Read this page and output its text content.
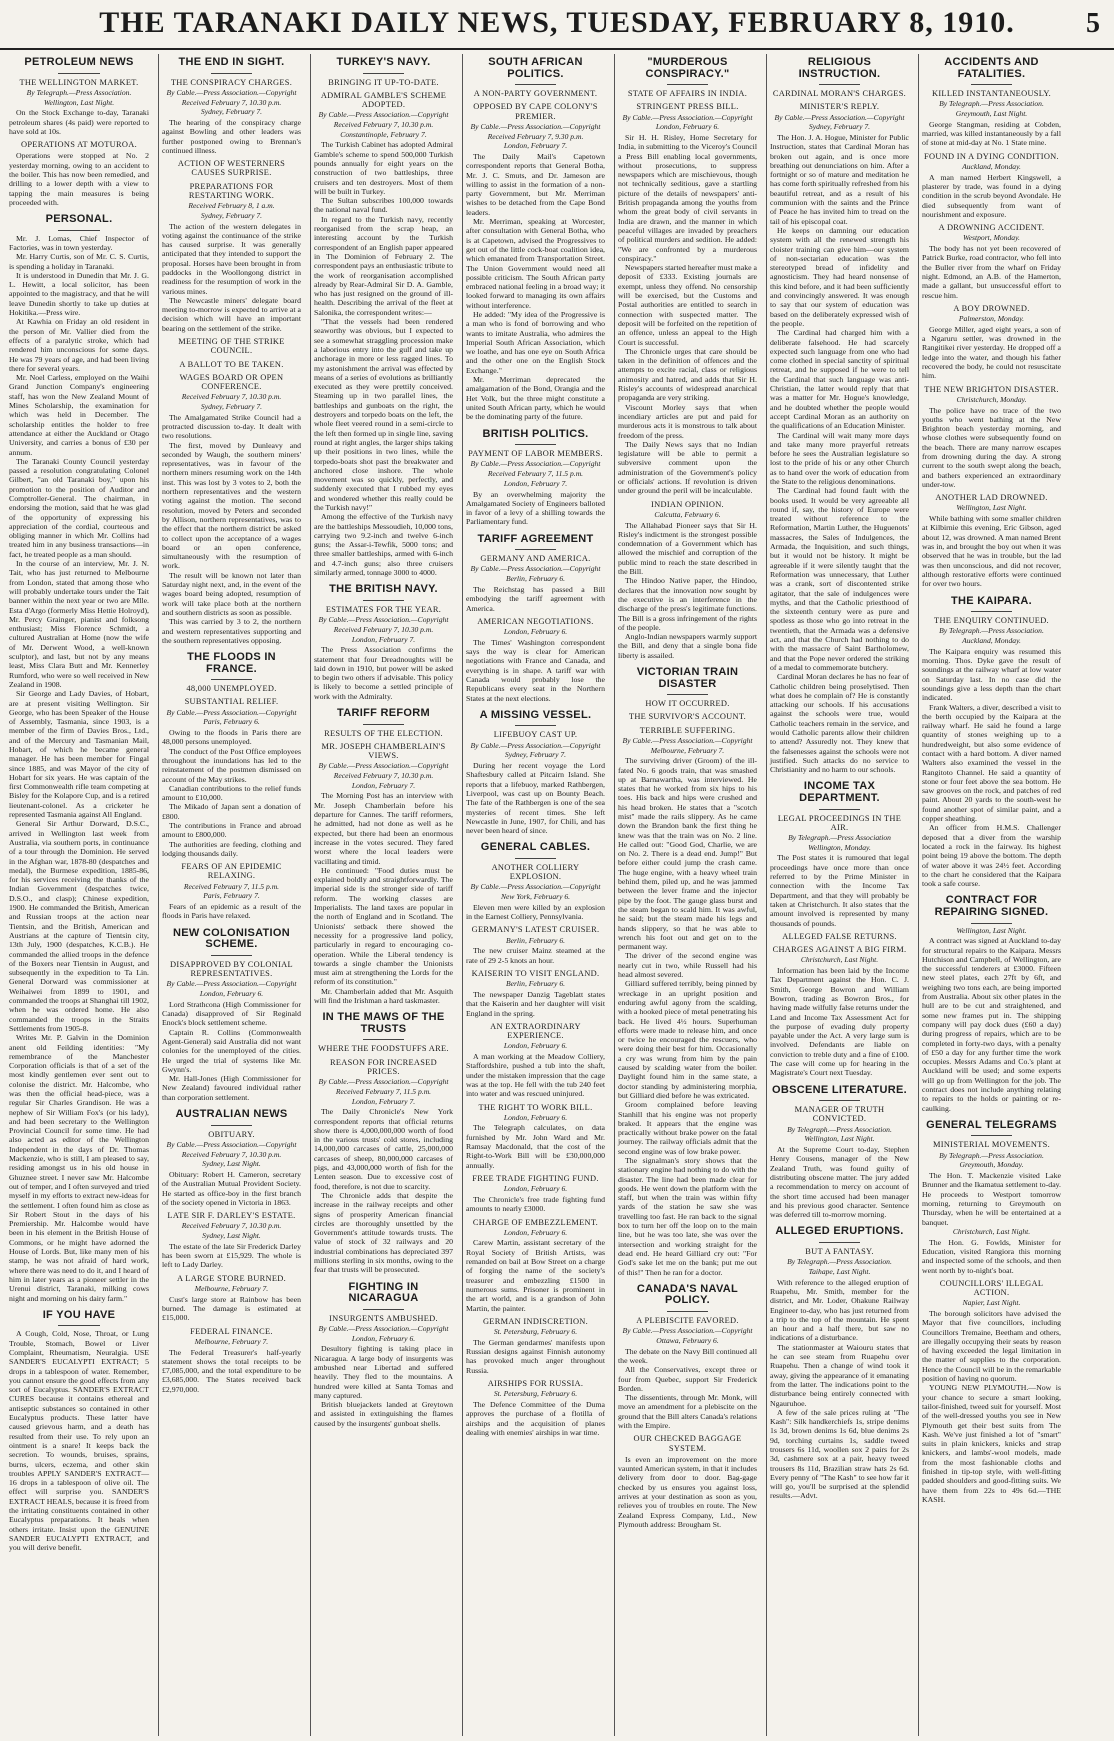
THE TARANAKI DAILY NEWS, TUESDAY, FEBRUARY 8, 1910.	5
PETROLEUM NEWS
THE WELLINGTON MARKET.
By Telegraph.—Press Association.
Wellington, Last Night.

On the Stock Exchange to-day, Taranaki petroleum shares (4s paid) were reported to have sold at 10s.

OPERATIONS AT MOTUROA.

Operations were stopped at No. 2 yesterday morning, owing to an accident to the boiler. This has now been remedied, and drilling to a lower depth with a view to tapping the main measures is being proceeded with.

PERSONAL.

Mr. J. Lomas, Chief Inspector of Factories, was in town yesterday.

Mr. Harry Curtis, son of Mr. C. S. Curtis, is spending a holiday in Taranaki.

It is understood in Dunedin that Mr. J. G. L. Hewitt, a local solicitor, has been appointed to the magistracy, and that he will leave Dunedin shortly to take up duties at Hokitika.—Press wire.

At Kawhia on Friday an old resident in the person of Mr. Vallier died from the effects of a paralytic stroke, which had rendered him unconscious for some days. He was 79 years of age, and had been living there for several years.

Mr. Noel Carless, employed on the Waihi Grand Junction Company's engineering staff, has won the New Zealand Mount of Mines Scholarship, the examination for which was held in December. The scholarship entitles the holder to free attendance at either the Auckland or Otago University, and carries a bonus of £30 per annum.

The Taranaki County Council yesterday passed a resolution congratulating Colonel Gilbert, "an old Taranaki boy," upon his promotion to the position of Auditor and Comptroller-General. The chairman, in endorsing the motion, said that he was glad of the opportunity of expressing his appreciation of the cordial, courteous and obliging manner in which Mr. Collins had treated him in any business transactions—in fact, he treated people as a man should.

In the course of an interview, Mr. J. N. Tait, who has just returned to Melbourne from London, stated that among those who will probably undertake tours under the Tait banner within the next year or two are Mlle. Esta d'Argo (formerly Miss Hettie Holroyd), Mr. Percy Grainger, pianist and folksong enthusiast; Miss Florence Schmidt, a cultured Australian at Home (now the wife of Mr. Derwent Wood, a well-known sculptor), and last, but not by any means least, Miss Clara Butt and Mr. Kennerley Rumford, who were so well received in New Zealand in 1908.

Sir George and Lady Davies, of Hobart, are at present visiting Wellington. Sir George, who has been Speaker of the House of Assembly, Tasmania, since 1903, is a member of the firm of Davies Bros., Ltd., and of the Mercury and Tasmanian Mail, Hobart, of which he became general manager. He has been member for Fingal since 1885, and was Mayor of the city of Hobart for six years. He was captain of the first Commonwealth rifle team competing at Bisley for the Kolapore Cup, and is a retired lieutenant-colonel. As a cricketer he represented Tasmania against All England.

General Sir Arthur Dorward, D.S.C., arrived in Wellington last week from Australia, via southern ports, in continuance of a tour through the Dominion. He served in the Afghan war, 1878-80 (despatches and medal), the Burmese expedition, 1885-86, for his services receiving the thanks of the Indian Government (despatches twice, D.S.O., and clasp); Chinese expedition, 1900. He commanded the British, American and Russian troops at the action near Tientsin, and the British, American and Austrians at the capture of Tientsin city, 13th July, 1900 (despatches, K.C.B.). He commanded the allied troops in the defence of the Boxers near Tientsin in August, and subsequently in the expedition to Ta Lin. General Dorward was commissioner at Weihaiwei from 1899 to 1901, and commanded the troops at Shanghai till 1902, when he was ordered home. He also commanded the troops in the Straits Settlements from 1905-8.

Writes Mr. P. Galvin in the Dominion anent old Feilding identities: "My remembrance of the Manchester Corporation officials is that of a set of the most kindly gentlemen ever sent out to colonise the district. Mr. Halcombe, who was then the official head-piece, was a regular Sir Charles Grandison. He was a nephew of Sir William Fox's (or his lady), and had been secretary to the Wellington Provincial Council for some time. He had also acted as editor of the Wellington Independent in the days of Dr. Thomas Mackenzie, who is still, I am pleased to say, residing amongst us in his old house in Ghuznee street. I never saw Mr. Halcombe out of temper, and I often surveyed and tried myself in my efforts to extract new-ideas for the settlement. I often found him as close as Sir Robert Stout in the days of his Premiership. Mr. Halcombe would have been in his element in the British House of Commons, or he might have adorned the House of Lords. But, like many men of his stamp, he was not afraid of hard work, where there was need to do it, and I heard of him in later years as a pioneer settler in the Urenui district, Taranaki, milking cows night and morning on his dairy farm."

IF YOU HAVE

A Cough, Cold, Nose, Throat, or Lung Trouble, Stomach, Bowel or Liver Complaint, Rheumatism, Neuralgia. USE SANDER'S EUCALYPTI EXTRACT; 5 drops in a tablespoon of water. Remember, you cannot ensure the good effects from any sort of Eucalyptus. SANDER'S EXTRACT CURES because it contains ethereal and antiseptic substances so contained in other Eucalyptus products. These latter have caused grievous harm, and a death has resulted from their use. To rely upon an ointment is a snare! It keeps back the secretion. To wounds, bruises, sprains, burns, ulcers, eczema, and other skin troubles APPLY SANDER'S EXTRACT—16 drops in a tablespoon of olive oil. The effect will surprise you. SANDER'S EXTRACT HEALS, because it is freed from the irritating constituents contained in other Eucalyptus preparations. It heals when others irritate. Insist upon the GENUINE SANDER EUCALYPTI EXTRACT, and you will derive benefit.

THE END IN SIGHT.
THE CONSPIRACY CHARGES.
By Cable.—Press Association.—Copyright
Received February 7, 10.30 p.m.
Sydney, February 7.

The hearing of the conspiracy charge against Bowling and other leaders was further postponed owing to Brennan's continued illness.

ACTION OF WESTERNERS CAUSES SURPRISE.
PREPARATIONS FOR RESTARTING WORK.
Received February 8, 1 a.m.
Sydney, February 7.

The action of the western delegates in voting against the continuance of the strike has caused surprise. It was generally anticipated that they intended to support the proposal. Horses have been brought in from paddocks in the Woollongong district in readiness for the resumption of work in the various mines.

The Newcastle miners' delegate board meeting to-morrow is expected to arrive at a decision which will have an important bearing on the settlement of the strike.

MEETING OF THE STRIKE COUNCIL.
A BALLOT TO BE TAKEN.
WAGES BOARD OR OPEN CONFERENCE.
Received February 7, 10.30 p.m.
Sydney, February 7.

The Amalgamated Strike Council had a protracted discussion to-day. It dealt with two resolutions.

The first, moved by Dunleavy and seconded by Waugh, the southern miners' representatives, was in favour of the northern miners resuming work on the 14th inst. This was lost by 3 votes to 2, both the northern representatives and the western voting against the motion. The second resolution, moved by Peters and seconded by Allison, northern representatives, was to the effect that the northern district be asked to collect upon the acceptance of a wages board or an open conference, simultaneously with the resumption of work.

The result will be known not later than Saturday night next, and, in the event of the wages board being adopted, resumption of work will take place both at the northern and southern districts as soon as possible.

This was carried by 3 to 2, the northern and western representatives supporting and the southern representatives opposing.

THE FLOODS IN FRANCE.
48,000 UNEMPLOYED.
SUBSTANTIAL RELIEF.
By Cable.—Press Association.—Copyright
Paris, February 6.

Owing to the floods in Paris there are 48,000 persons unemployed.

The conduct of the Post Office employees throughout the inundations has led to the reinstatement of the postmen dismissed on account of the May strikes.

Canadian contributions to the relief funds amount to £10,000.

The Mikado of Japan sent a donation of £800.

The contributions in France and abroad amount to £800,000.

The authorities are feeding, clothing and lodging thousands daily.

FEARS OF AN EPIDEMIC RELAXING.
Received February 7, 11.5 p.m.
Paris, February 7.

Fears of an epidemic as a result of the floods in Paris have relaxed.

NEW COLONISATION SCHEME.
DISAPPROVED BY COLONIAL REPRESENTATIVES.
By Cable.—Press Association.—Copyright
London, February 6.

Lord Strathcona (High Commissioner for Canada) disapproved of Sir Reginald Enock's block settlement scheme.

Captain R. Collins (Commonwealth Agent-General) said Australia did not want colonies for the unemployed of the cities. He urged the trial of systems like Mr. Gwynn's.

Mr. Hall-Jones (High Commissioner for New Zealand) favoured individual rather than corporation settlement.

AUSTRALIAN NEWS
OBITUARY.
By Cable.—Press Association.—Copyright
Received February 7, 10.30 p.m.
Sydney, Last Night.

Obituary: Robert H. Cameron, secretary of the Australian Mutual Provident Society. He started as office-boy in the first branch of the society opened in Victoria in 1863.

LATE SIR F. DARLEY'S ESTATE.
Received February 7, 10.30 p.m.
Sydney, Last Night.

The estate of the late Sir Frederick Darley has been sworn at £15,929. The whole is left to Lady Darley.

A LARGE STORE BURNED.
Melbourne, February 7.

Cust's large store at Rainbow has been burned. The damage is estimated at £15,000.

FEDERAL FINANCE.
Melbourne, February 7.

The Federal Treasurer's half-yearly statement shows the total receipts to be £7,085,000, and the total expenditure to be £3,685,000. The States received back £2,970,000.

TURKEY'S NAVY.
BRINGING IT UP-TO-DATE.
ADMIRAL GAMBLE'S SCHEME ADOPTED.
By Cable.—Press Association.—Copyright
Received February 7, 10.30 p.m.
Constantinople, February 7.

The Turkish Cabinet has adopted Admiral Gamble's scheme to spend 500,000 Turkish pounds annually for eight years on the construction of two battleships, three cruisers and ten destroyers. Most of them will be built in Turkey.

The Sultan subscribes 100,000 towards the national naval fund.

In regard to the Turkish navy, recently reorganised from the scrap heap, an interesting account by the Turkish correspondent of an English paper appeared in The Dominion of February 2. The correspondent pays an enthusiastic tribute to the work of reorganisation accomplished already by Rear-Admiral Sir D. A. Gamble, who has just resigned on the ground of ill-health. Describing the arrival of the fleet at Salonika, the correspondent writes:—

"That the vessels had been rendered seaworthy was obvious, but I expected to see a somewhat straggling procession make a laborious entry into the gulf and take up anchorage in more or less ragged lines. To my astonishment the arrival was effected by means of a series of evolutions as brilliantly executed as they were prettily conceived. Steaming up in two parallel lines, the battleships and gunboats on the right, the destroyers and torpedo boats on the left, the whole fleet veered round in a semi-circle to the left then formed up in single line, saving round at right angles, the larger ships taking up their positions in two lines, while the torpedo-boats shot past the breakwater and anchored close inshore. The whole movement was so quickly, perfectly, and suddenly executed that I rubbed my eyes and wondered whether this really could be the Turkish navy!"

Among the effective of the Turkish navy are the battleships Messoudieh, 10,000 tons, carrying two 9.2-inch and twelve 6-inch guns; the Assar-i-Tewfik, 5000 tons; and three smaller battleships, armed with 6-inch and 4.7-inch guns; also three cruisers similarly armed, tonnage 3000 to 4000.

THE BRITISH NAVY.
ESTIMATES FOR THE YEAR.
By Cable.—Press Association.—Copyright
Received February 7, 10.30 p.m.
London, February 7.

The Press Association confirms the statement that four Dreadnoughts will be laid down in 1910, but power will be asked to begin two others if advisable. This policy is likely to become a settled principle of work with the Admiralty.

TARIFF REFORM
RESULTS OF THE ELECTION.
MR. JOSEPH CHAMBERLAIN'S VIEWS.
By Cable.—Press Association.—Copyright
Received February 7, 10.30 p.m.
London, February 7.

The Morning Post has an interview with Mr. Joseph Chamberlain before his departure for Cannes. The tariff reformers, he admitted, had not done as well as he expected, but there had been an enormous increase in the votes secured. They fared worst where the local leaders were vacillating and timid.

He continued: "Food duties must be explained boldly and straightforwardly. The imperial side is the stronger side of tariff reform. The working classes are Imperialists. The land taxes are popular in the north of England and in Scotland. The Unionists' setback there showed the necessity for a progressive land policy, particularly in regard to encouraging co-operation. While the Liberal tendency is towards a single chamber the Unionists must aim at strengthening the Lords for the reform of its constitution."

Mr. Chamberlain added that Mr. Asquith will find the Irishman a hard taskmaster.

IN THE MAWS OF THE TRUSTS
WHERE THE FOODSTUFFS ARE.
REASON FOR INCREASED PRICES.
By Cable.—Press Association.—Copyright
Received February 7, 11.5 p.m.
London, February 7.

The Daily Chronicle's New York correspondent reports that official returns show there is 4,000,000,000 worth of food in the various trusts' cold stores, including 14,000,000 carcases of cattle, 25,000,000 carcases of sheep, 80,000,000 carcases of pigs, and 43,000,000 worth of fish for the Lenten season. Due to excessive cost of food, therefore, is not due to scarcity.

The Chronicle adds that despite the increase in the railway receipts and other signs of prosperity American financial circles are thoroughly unsettled by the Government's attitude towards trusts. The value of stock of 32 railways and 20 industrial combinations has depreciated 397 millions sterling in six months, owing to the fear that trusts will be prosecuted.

FIGHTING IN NICARAGUA
INSURGENTS AMBUSHED.
By Cable.—Press Association.—Copyright
London, February 6.

Desultory fighting is taking place in Nicaragua. A large body of insurgents was ambushed near Libertad and suffered heavily. They fled to the mountains. A hundred were killed at Santa Tomas and many captured.

British bluejackets landed at Greytown and assisted in extinguishing the flames caused by the insurgents' gunboat shells.

SOUTH AFRICAN POLITICS.
A NON-PARTY GOVERNMENT.
OPPOSED BY CAPE COLONY'S PREMIER.
By Cable.—Press Association.—Copyright
Received February 7, 9.30 p.m.
London, February 7.

The Daily Mail's Capetown correspondent reports that General Botha, Mr. J. C. Smuts, and Dr. Jameson are willing to assist in the formation of a non-party Government, but Mr. Merriman wishes to be detached from the Cape Bond leaders.

Mr. Merriman, speaking at Worcester, after consultation with General Botha, who is at Capetown, advised the Progressives to get out of the little cock-boat coalition idea, which emanated from Transportation Street. The Union Government would need all possible criticism. The South African party embraced national feeling in a broad way; it looked forward to managing its own affairs without interference.

He added: "My idea of the Progressive is a man who is fond of borrowing and who wants to imitate Australia, who admires the Imperial South African Association, which we loathe, and has one eye on South Africa and the other one on the English Stock Exchange."

Mr. Merriman deprecated the amalgamation of the Bond, Orangia and the Het Volk, but the three might constitute a united South African party, which he would be the dominating party of the future.

BRITISH POLITICS.
PAYMENT OF LABOR MEMBERS.
By Cable.—Press Association.—Copyright
Received February 7, 11.5 p.m.
London, February 7.

By an overwhelming majority the Amalgamated Society of Engineers balloted in favor of a levy of a shilling towards the Parliamentary fund.

TARIFF AGREEMENT
GERMANY AND AMERICA.
By Cable.—Press Association.—Copyright
Berlin, February 6.

The Reichstag has passed a Bill embodying the tariff agreement with America.

AMERICAN NEGOTIATIONS.
London, February 6.

The Times' Washington correspondent says the way is clear for American negotiations with France and Canada, and everything is in shape. A tariff war with Canada would probably lose the Republicans every seat in the Northern States at the next elections.

A MISSING VESSEL.
LIFEBUOY CAST UP.
By Cable.—Press Association.—Copyright
Sydney, February 7.

During her recent voyage the Lord Shaftesbury called at Pitcairn Island. She reports that a lifebuoy, marked Rathbergen, Liverpool, was cast up on Bounty Beach. The fate of the Rathbergen is one of the sea mysteries of recent times. She left Newcastle in June, 1907, for Chili, and has never been heard of since.

GENERAL CABLES.
ANOTHER COLLIERY EXPLOSION.
By Cable.—Press Association.—Copyright
New York, February 6.

Eleven men were killed by an explosion in the Earnest Colliery, Pennsylvania.

GERMANY'S LATEST CRUISER.
Berlin, February 6.

The new cruiser Mainz steamed at the rate of 29 2-5 knots an hour.

KAISERIN TO VISIT ENGLAND.
Berlin, February 6.

The newspaper Danzig Tageblatt states that the Kaiserin and her daughter will visit England in the spring.

AN EXTRAORDINARY EXPERIENCE.
London, February 6.

A man working at the Meadow Colliery, Staffordshire, pushed a tub into the shaft, under the mistaken impression that the cage was at the top. He fell with the tub 240 feet into water and was rescued uninjured.

THE RIGHT TO WORK BILL.
London, February 6.

The Telegraph calculates, on data furnished by Mr. John Ward and Mr. Ramsay Macdonald, that the cost of the Right-to-Work Bill will be £30,000,000 annually.

FREE TRADE FIGHTING FUND.
London, February 6.

The Chronicle's free trade fighting fund amounts to nearly £3000.

CHARGE OF EMBEZZLEMENT.
London, February 6.

Carew Martin, assistant secretary of the Royal Society of British Artists, was remanded on bail at Bow Street on a charge of forging the name of the society's treasurer and embezzling £1500 in numerous sums. Prisoner is prominent in the art world, and is a grandson of John Martin, the painter.

GERMAN INDISCRETION.
St. Petersburg, February 6.

The German gendarmes' manifests upon Russian designs against Finnish autonomy has provoked much anger throughout Russia.

AIRSHIPS FOR RUSSIA.
St. Petersburg, February 6.

The Defence Committee of the Duma approves the purchase of a flotilla of airships and the acquisition of planes dealing with enemies' airships in war time.

"MURDEROUS CONSPIRACY."
STATE OF AFFAIRS IN INDIA.
STRINGENT PRESS BILL.
By Cable.—Press Association.—Copyright
London, February 6.

Sir H. H. Risley, Home Secretary for India, in submitting to the Viceroy's Council a Press Bill enabling local governments, without prosecutions, to suppress newspapers which are mischievous, though not technically seditious, gave a startling picture of the details of newspapers' anti-British propaganda among the youths from whom the great body of civil servants in India are drawn, and the manner in which peaceful villages are invaded by preachers of political murders and sedition. He added: "We are confronted by a murderous conspiracy."

Newspapers started hereafter must make a deposit of £333. Existing journals are exempt, unless they offend. No censorship will be exercised, but the Customs and Postal authorities are entitled to search in connection with suspected matter. The deposit will be forfeited on the repetition of an offence, unless an appeal to the High Court is successful.

The Chronicle urges that care should be taken in the definition of offences and the attempts to excite racial, class or religious animosity and hatred, and adds that Sir H. Risley's accounts of widespread anarchical propaganda are very striking.

Viscount Morley says that when incendiary articles are put and paid for murderous acts it is monstrous to talk about freedom of the press.

The Daily News says that no Indian legislature will be able to permit a subversive comment upon the administration of the Government's policy or officials' actions. If revolution is driven under ground the peril will be incalculable.

INDIAN OPINION.
Calcutta, February 6.

The Allahabad Pioneer says that Sir H. Risley's indictment is the strongest possible condemnation of a Government which has allowed the mischief and corruption of the public mind to reach the state described in the Bill.

The Hindoo Native paper, the Hindoo, declares that the innovation now sought by the executive is an interference in the discharge of the press's legitimate functions. The Bill is a gross infringement of the rights of the people.

Anglo-Indian newspapers warmly support the Bill, and deny that a single bona fide liberty is assailed.

VICTORIAN TRAIN DISASTER
HOW IT OCCURRED.
THE SURVIVOR'S ACCOUNT.
TERRIBLE SUFFERING.
By Cable.—Press Association.—Copyright
Melbourne, February 7.

The surviving driver (Groom) of the ill-fated No. 6 goods train, that was smashed up at Barnawartha, was interviewed. He states that he worked from six hips to his toes. His back and hips were crushed and his head broken. He states that a "scotch mist" made the rails slippery. As he came down the Brandon bank the first thing he knew was that the train was on No. 2 line. He called out: "Good God, Charlie, we are on No. 2. There is a dead end. Jump!" But before either could jump the crash came. The huge engine, with a heavy wheel train behind them, piled up, and he was jammed between the lever frame and the injector pipe by the foot. The gauge glass burst and the steam began to scald him. It was awful, he said; but the steam made his legs and hands slippery, so that he was able to wrench his foot out and get on to the permanent way.

The driver of the second engine was nearly cut in two, while Russell had his head almost severed.

Gilliard suffered terribly, being pinned by wreckage in an upright position and enduring awful agony from the scalding, with a hooked piece of metal penetrating his back. He lived 4½ hours. Superhuman efforts were made to release him, and once or twice he encouraged the rescuers, who were doing their best for him. Occasionally a cry was wrung from him by the pain caused by scalding water from the boiler. Daylight found him in the same state, a doctor standing by administering morphia, but Gilliard died before he was extricated.

Groom complained before leaving Stanhill that his engine was not properly braked. It appears that the engine was practically without brake power on the fatal journey. The railway officials admit that the second engine was of low brake power.

The signalman's story shows that the stationary engine had nothing to do with the disaster. The line had been made clear for goods. He went down the platform with the staff, but when the train was within fifty yards of the station he saw she was travelling too fast. He ran back to the signal box to turn her off the loop on to the main line, but he was too late, she was over the intersection and working straight for the dead end. He heard Gilliard cry out: "For God's sake let me on the bank; put me out of this!" Then he ran for a doctor.

CANADA'S NAVAL POLICY.
A PLEBISCITE FAVORED.
By Cable.—Press Association.—Copyright
Ottawa, February 6.

The debate on the Navy Bill continued all the week.

All the Conservatives, except three or four from Quebec, support Sir Frederick Borden.

The dissentients, through Mr. Monk, will move an amendment for a plebiscite on the ground that the Bill alters Canada's relations with the Empire.

OUR CHECKED BAGGAGE SYSTEM.

Is even an improvement on the more vaunted American system, in that it includes delivery from door to door. Bag-gage checked by us ensures you against loss, arrives at your destination as soon as you, relieves you of troubles en route. The New Zealand Express Company, Ltd., New Plymouth address: Brougham St.

RELIGIOUS INSTRUCTION.
CARDINAL MORAN'S CHARGES.
MINISTER'S REPLY.
By Cable.—Press Association.—Copyright
Sydney, February 7.

The Hon. J. A. Hogue, Minister for Public Instruction, states that Cardinal Moran has broken out again, and is once more breathing out denunciations on him. After a fortnight or so of mature and meditation he has come forth spiritually refreshed from his beautiful retreat, and as a result of his communion with the saints and the Prince of Peace he has invited him to tread on the tail of his episcopal coat.

He keeps on damning our education system with all the renewed strength his cloister training can give him—our system of non-sectarian education was the stereotyped bread of infidelity and agnosticism. They had heard nonsense of this kind before, and it had been sufficiently and convincingly answered. It was enough to say that our system of education was based on the deliberately expressed wish of the people.

The Cardinal had charged him with a deliberate falsehood. He had scarcely expected such language from one who had come clothed in special sanctity of spiritual retreat, and he supposed if he were to tell the Cardinal that such language was anti-Christian, the latter would reply that that was a matter for Mr. Hogue's knowledge, and he doubted whether the people would accept Cardinal Moran as an authority on the qualifications of an Education Minister.

The Cardinal will wait many more days and take many more prayerful retreats before he sees the Australian legislature so lost to the pride of his or any other Church as to hand over the work of education from the State to the religious denominations.

The Cardinal had found fault with the books used. It would be very agreeable all round if, say, the history of Europe were treated without reference to the Reformation, Martin Luther, the Huguenots' massacres, the Sales of Indulgences, the Armada, the Inquisition, and such things, but it would not be history. It might be agreeable if it were silently taught that the Reformation was unnecessary, that Luther was a crank, sort of discontented strike agitator, that the sale of indulgences were myths, and that the Catholic priesthood of the sixteenth century were as pure and spotless as those who go into retreat in the twentieth, that the Armada was a defensive act, and that the Church had nothing to do with the massacre of Saint Bartholomew, and that the Pope never ordered the striking of a medal to commemorate butchery.

Cardinal Moran declares he has no fear of Catholic children being proselytised. Then what does he complain of? He is constantly attacking our schools. If his accusations against the schools were true, would Catholic teachers remain in the service, and would Catholic parents allow their children to attend? Assuredly not. They knew that the falsenesses against the schools were not justified. Such attacks do no service to Christianity and no harm to our schools.

INCOME TAX DEPARTMENT.
LEGAL PROCEEDINGS IN THE AIR.
By Telegraph.—Press Association
Wellington, Monday.

The Post states it is rumoured that legal proceedings have once more than once referred to by the Prime Minister in connection with the Income Tax Department, and that they will probably be taken at Christchurch. It also states that the amount involved is represented by many thousands of pounds.

ALLEGED FALSE RETURNS.
CHARGES AGAINST A BIG FIRM.
Christchurch, Last Night.

Information has been laid by the Income Tax Department against the Hon. C. J. Smith, George Bowron and William Bowron, trading as Bowron Bros., for having made wilfully false returns under the Land and Income Tax Assessment Act for the purpose of evading duly property payable under the Act. A very large sum is involved. Defendants are liable on conviction to treble duty and a fine of £100. The case will come up for hearing in the Magistrate's Court next Tuesday.

OBSCENE LITERATURE.
MANAGER OF TRUTH CONVICTED.
By Telegraph.—Press Association.
Wellington, Last Night.

At the Supreme Court to-day, Stephen Henry Cousens, manager of the New Zealand Truth, was found guilty of distributing obscene matter. The jury added a recommendation to mercy on account of the short time accused had been manager and his previous good character. Sentence was deferred till to-morrow morning.

ALLEGED ERUPTIONS.
BUT A FANTASY.
By Telegraph.—Press Association.
Taihape, Last Night.

With reference to the alleged eruption of Ruapehu, Mr. Smith, member for the district, and Mr. Loder, Ohakune Railway Engineer to-day, who has just returned from a trip to the top of the mountain. He spent an hour and a half there, but saw no indications of a disturbance.

The stationmaster at Waiouru states that he can see steam from Ruapehu over Ruapehu. Then a change of wind took it away, giving the appearance of it emanating from the latter. The indications point to the disturbance being entirely connected with Ngauruhoe.

A few of the sale prices ruling at "The Kash": Silk handkerchiefs 1s, stripe denims 1s 3d, brown denims 1s 6d, blue denims 2s 9d, torching curtains 1s, saddle tweed trousers 6s 11d, woollen sox 2 pairs for 2s 3d, cashmere sox at a pair, heavy tweed trousers 8s 11d, Brazilian straw hats 2s 6d. Every penny of "The Kash" to see how far it will go, you'll be surprised at the splendid results.—Advt.

ACCIDENTS AND FATALITIES.
KILLED INSTANTANEOUSLY.
By Telegraph.—Press Association.
Greymouth, Last Night.

George Stangman, residing at Cobden, married, was killed instantaneously by a fall of stone at mid-day at No. 1 State mine.

FOUND IN A DYING CONDITION.
Auckland, Monday.

A man named Herbert Kingswell, a plasterer by trade, was found in a dying condition in the scrub beyond Avondale. He died subsequently from want of nourishment and exposure.

A DROWNING ACCIDENT.
Westport, Monday.

The body has not yet been recovered of Patrick Burke, road contractor, who fell into the Buller river from the wharf on Friday night. Edmond, an A.B. of the Hamerton, made a gallant, but unsuccessful effort to rescue him.

A BOY DROWNED.
Palmerston, Monday.

George Miller, aged eight years, a son of a Ngaruru settler, was drowned in the Rangitikei river yesterday. He dropped off a ledge into the water, and though his father recovered the body, he could not resuscitate him.

THE NEW BRIGHTON DISASTER.
Christchurch, Monday.

The police have no trace of the two youths who went bathing at the New Brighton beach yesterday morning, and whose clothes were subsequently found on the beach. There are many narrow escapes from drowning during the day. A strong current to the south swept along the beach, and bathers experienced an extraordinary under-tow.

ANOTHER LAD DROWNED.
Wellington, Last Night.

While bathing with some smaller children at Kilbirnie this evening, Eric Gibson, aged about 12, was drowned. A man named Brent was in, and brought the boy out when it was observed that he was in trouble, but the lad was then unconscious, and did not recover, although restorative efforts were continued for over two hours.

THE KAIPARA.
THE ENQUIRY CONTINUED.
By Telegraph.—Press Association.
Auckland, Monday.

The Kaipara enquiry was resumed this morning. Thos. Dyke gave the result of soundings at the railway wharf at low water on Saturday last. In no case did the soundings give a less depth than the chart indicated.

Frank Walters, a diver, described a visit to the berth occupied by the Kaipara at the railway wharf. He said he found a large quantity of stones weighing up to a hundredweight, but also some evidence of contact with a hard bottom. A diver named Walters also examined the vessel in the Rangitoto Channel. He said a quantity of stone or four feet above the sea bottom. He saw grooves on the rock, and patches of red paint. About 20 yards to the south-west he found another spot of similar paint, and a copper sheathing.

An officer from H.M.S. Challenger deposed that a diver from the warship located a rock in the fairway. Its highest point being 19 above the bottom. The depth of water above it was 24½ feet. According to the chart he considered that the Kaipara took a safe course.

CONTRACT FOR REPAIRING SIGNED.
Wellington, Last Night.

A contract was signed at Auckland to-day for structural repairs to the Kaipara. Messrs Hutchison and Campbell, of Wellington, are the successful tenderers at £3000. Fifteen new steel plates, each 27ft by 6ft, and weighing two tons each, are being imported from Australia. About six other plates in the hull are to be cut and straightened, and some new frames put in. The shipping company will pay dock dues (£60 a day) during progress of repairs, which are to be completed in forty-two days, with a penalty of £50 a day for any further time the work occupies. Messrs Adams and Co.'s plant at Auckland will be used; and some experts will go up from Wellington for the job. The contract does not include anything relating to repairs to the holds or painting or re-caulking.

GENERAL TELEGRAMS
MINISTERIAL MOVEMENTS.
By Telegraph.—Press Association.
Greymouth, Monday.

The Hon. T. Mackenzie visited Lake Brunner and the Ikamatua settlement to-day. He proceeds to Westport tomorrow morning, returning to Greymouth on Thursday, when he will be entertained at a banquet.

Christchurch, Last Night.

The Hon. G. Fowlds, Minister for Education, visited Rangiora this morning and inspected some of the schools, and then went north by to-night's boat.

COUNCILLORS' ILLEGAL ACTION.
Napier, Last Night.

The borough solicitors have advised the Mayor that five councillors, including Councillors Tremaine, Beetham and others, are illegally occupying their seats by reason of having exceeded the legal limitation in the matter of supplies to the corporation. Hence the Council will be in the remarkable position of having no quorum.

YOUNG NEW PLYMOUTH.—Now is your chance to secure a smart looking, tailor-finished, tweed suit for yourself. Most of the well-dressed youths you see in New Plymouth get their best suits from The Kash. We've just finished a lot of "smart" suits in plain knickers, knicks and strap knickers, and lambs'-wool models, made from the most fashionable cloths and finished in tip-top style, with well-fitting padded shoulders and good-fitting suits. We have them from 22s to 49s 6d.—THE KASH.
